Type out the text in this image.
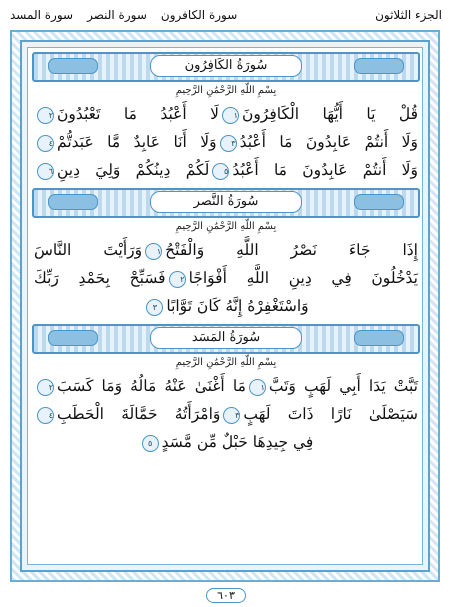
الجزء الثلاثون
سورة الكافرون
سورة النصر
سورة المسد
سُورَةُ الكَافِرُون
بِسْمِ اللَّهِ الرَّحْمَٰنِ الرَّحِيمِ
قُلْ يَا أَيُّهَا الْكَافِرُونَ١لَا أَعْبُدُ مَا تَعْبُدُونَ٢
وَلَا أَنتُمْ عَابِدُونَ مَا أَعْبُدُ٣وَلَا أَنَا عَابِدٌ مَّا عَبَدتُّمْ٤
وَلَا أَنتُمْ عَابِدُونَ مَا أَعْبُدُ٥لَكُمْ دِينُكُمْ وَلِيَ دِينِ٦
سُورَةُ النَّصر
بِسْمِ اللَّهِ الرَّحْمَٰنِ الرَّحِيمِ
إِذَا جَاءَ نَصْرُ اللَّهِ وَالْفَتْحُ١وَرَأَيْتَ النَّاسَ
يَدْخُلُونَ فِي دِينِ اللَّهِ أَفْوَاجًا٢فَسَبِّحْ بِحَمْدِ رَبِّكَ
وَاسْتَغْفِرْهُ إِنَّهُ كَانَ تَوَّابًا٣
سُورَةُ المَسَد
بِسْمِ اللَّهِ الرَّحْمَٰنِ الرَّحِيمِ
تَبَّتْ يَدَا أَبِي لَهَبٍ وَتَبَّ١مَا أَغْنَىٰ عَنْهُ مَالُهُ وَمَا كَسَبَ٢
سَيَصْلَىٰ نَارًا ذَاتَ لَهَبٍ٣وَامْرَأَتُهُ حَمَّالَةَ الْحَطَبِ٤
فِي جِيدِهَا حَبْلٌ مِّن مَّسَدٍ٥
٦٠٣
